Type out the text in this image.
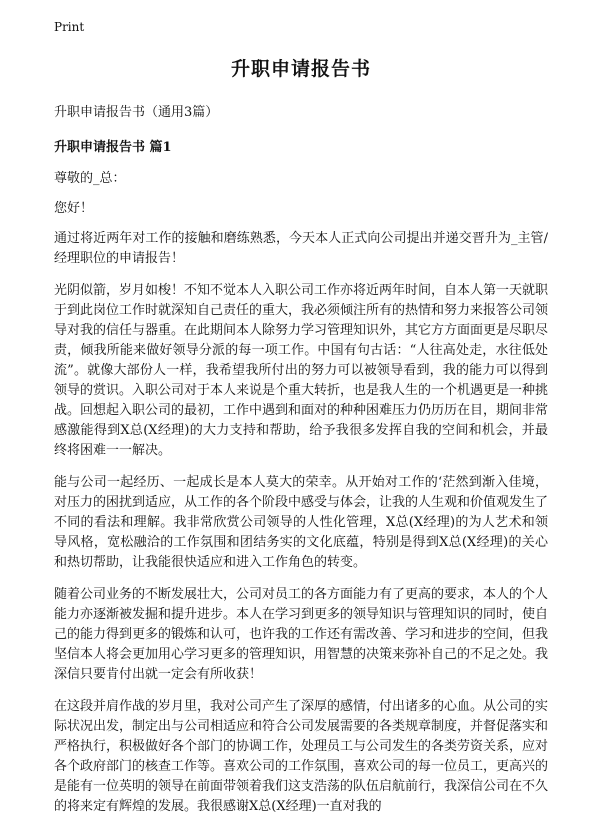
Print
升职申请报告书
升职申请报告书（通用3篇）
升职申请报告书 篇1

尊敬的_总：

您好！

通过将近两年对工作的接触和磨练熟悉，今天本人正式向公司提出并递交晋升为_主管/经理职位的申请报告！

光阴似箭，岁月如梭！不知不觉本人入职公司工作亦将近两年时间，自本人第一天就职于到此岗位工作时就深知自己责任的重大，我必须倾注所有的热情和努力来报答公司领导对我的信任与器重。在此期间本人除努力学习管理知识外，其它方方面面更是尽职尽责，倾我所能来做好领导分派的每一项工作。中国有句古话：“人往高处走，水往低处流”。就像大部份人一样，我希望我所付出的努力可以被领导看到，我的能力可以得到领导的赏识。入职公司对于本人来说是个重大转折，也是我人生的一个机遇更是一种挑战。回想起入职公司的最初，工作中遇到和面对的种种困难压力仍历历在目，期间非常感激能得到X总(X经理)的大力支持和帮助，给予我很多发挥自我的空间和机会，并最终将困难一一解决。

能与公司一起经历、一起成长是本人莫大的荣幸。从开始对工作的‘茫然到渐入佳境，对压力的困扰到适应，从工作的各个阶段中感受与体会，让我的人生观和价值观发生了不同的看法和理解。我非常欣赏公司领导的人性化管理，X总(X经理)的为人艺术和领导风格，宽松融洽的工作氛围和团结务实的文化底蕴，特别是得到X总(X经理)的关心和热切帮助，让我能很快适应和进入工作角色的转变。

随着公司业务的不断发展壮大，公司对员工的各方面能力有了更高的要求，本人的个人能力亦逐渐被发掘和提升进步。本人在学习到更多的领导知识与管理知识的同时，使自己的能力得到更多的锻炼和认可，也许我的工作还有需改善、学习和进步的空间，但我坚信本人将会更加用心学习更多的管理知识，用智慧的决策来弥补自己的不足之处。我深信只要肯付出就一定会有所收获！

在这段并肩作战的岁月里，我对公司产生了深厚的感情，付出诸多的心血。从公司的实际状况出发，制定出与公司相适应和符合公司发展需要的各类规章制度，并督促落实和严格执行，积极做好各个部门的协调工作，处理员工与公司发生的各类劳资关系，应对各个政府部门的核查工作等。喜欢公司的工作氛围，喜欢公司的每一位员工，更高兴的是能有一位英明的领导在前面带领着我们这支浩荡的队伍启航前行，我深信公司在不久的将来定有辉煌的发展。我很感谢X总(X经理)一直对我的
